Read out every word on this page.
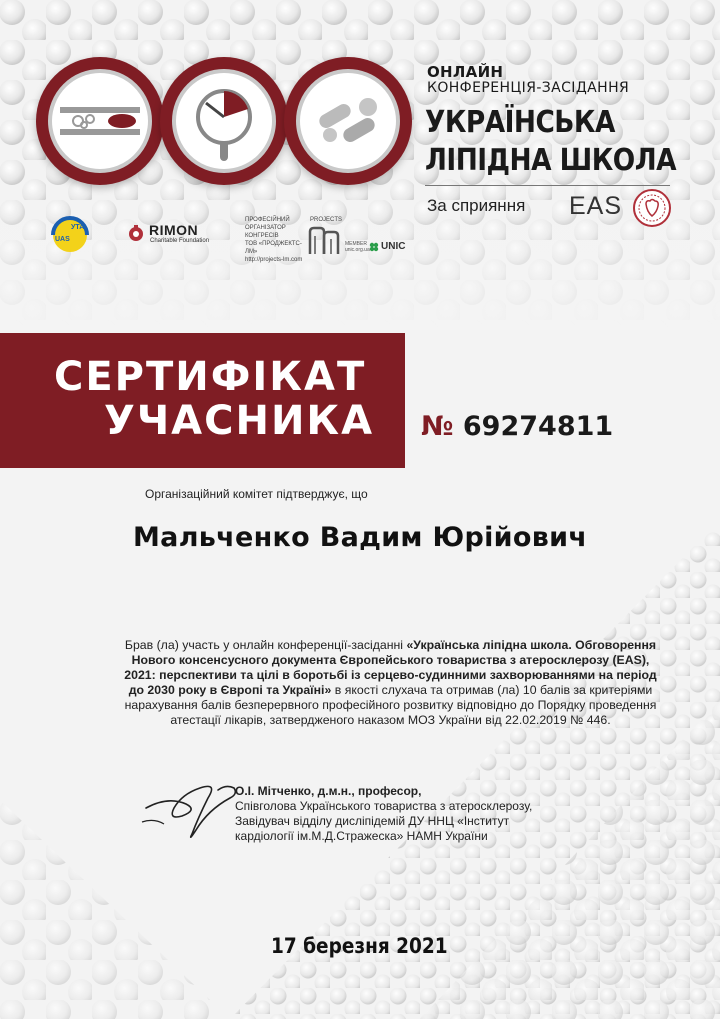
ОНЛАЙН
КОНФЕРЕНЦІЯ-ЗАСІДАННЯ
УКРАЇНСЬКА
ЛІПІДНА ШКОЛА
За сприяння EAS
УТА
UAS
RIMON
Charitable Foundation
ПРОФЕСІЙНИЙ
ОРГАНІЗАТОР
КОНГРЕСІВ
ТОВ «ПРОДЖЕКТС-ЛМ»
http://projects-lm.com
PROJECTS
MEMBER
unic.org.ua UNIC
СЕРТИФІКАТ
УЧАСНИКА № 69274811
Організаційний комітет підтверджує, що
Мальченко Вадим Юрійович
Брав (ла) участь у онлайн конференції-засіданні «Українська ліпідна школа. Обговорення Нового консенсусного документа Європейського товариства з атеросклерозу (EAS), 2021: перспективи та цілі в боротьбі із серцево-судинними захворюваннями на період до 2030 року в Європі та Україні» в якості слухача та отримав (ла) 10 балів за критеріями нарахування балів безперервного професійного розвитку відповідно до Порядку проведення атестації лікарів, затвердженого наказом МОЗ України від 22.02.2019 № 446.
О.І. Мітченко, д.м.н., професор,
Співголова Українського товариства з атеросклерозу,
Завідувач відділу дисліпідемій ДУ ННЦ «Інститут
кардіології ім.М.Д.Стражеска» НАМН України
17 березня 2021
